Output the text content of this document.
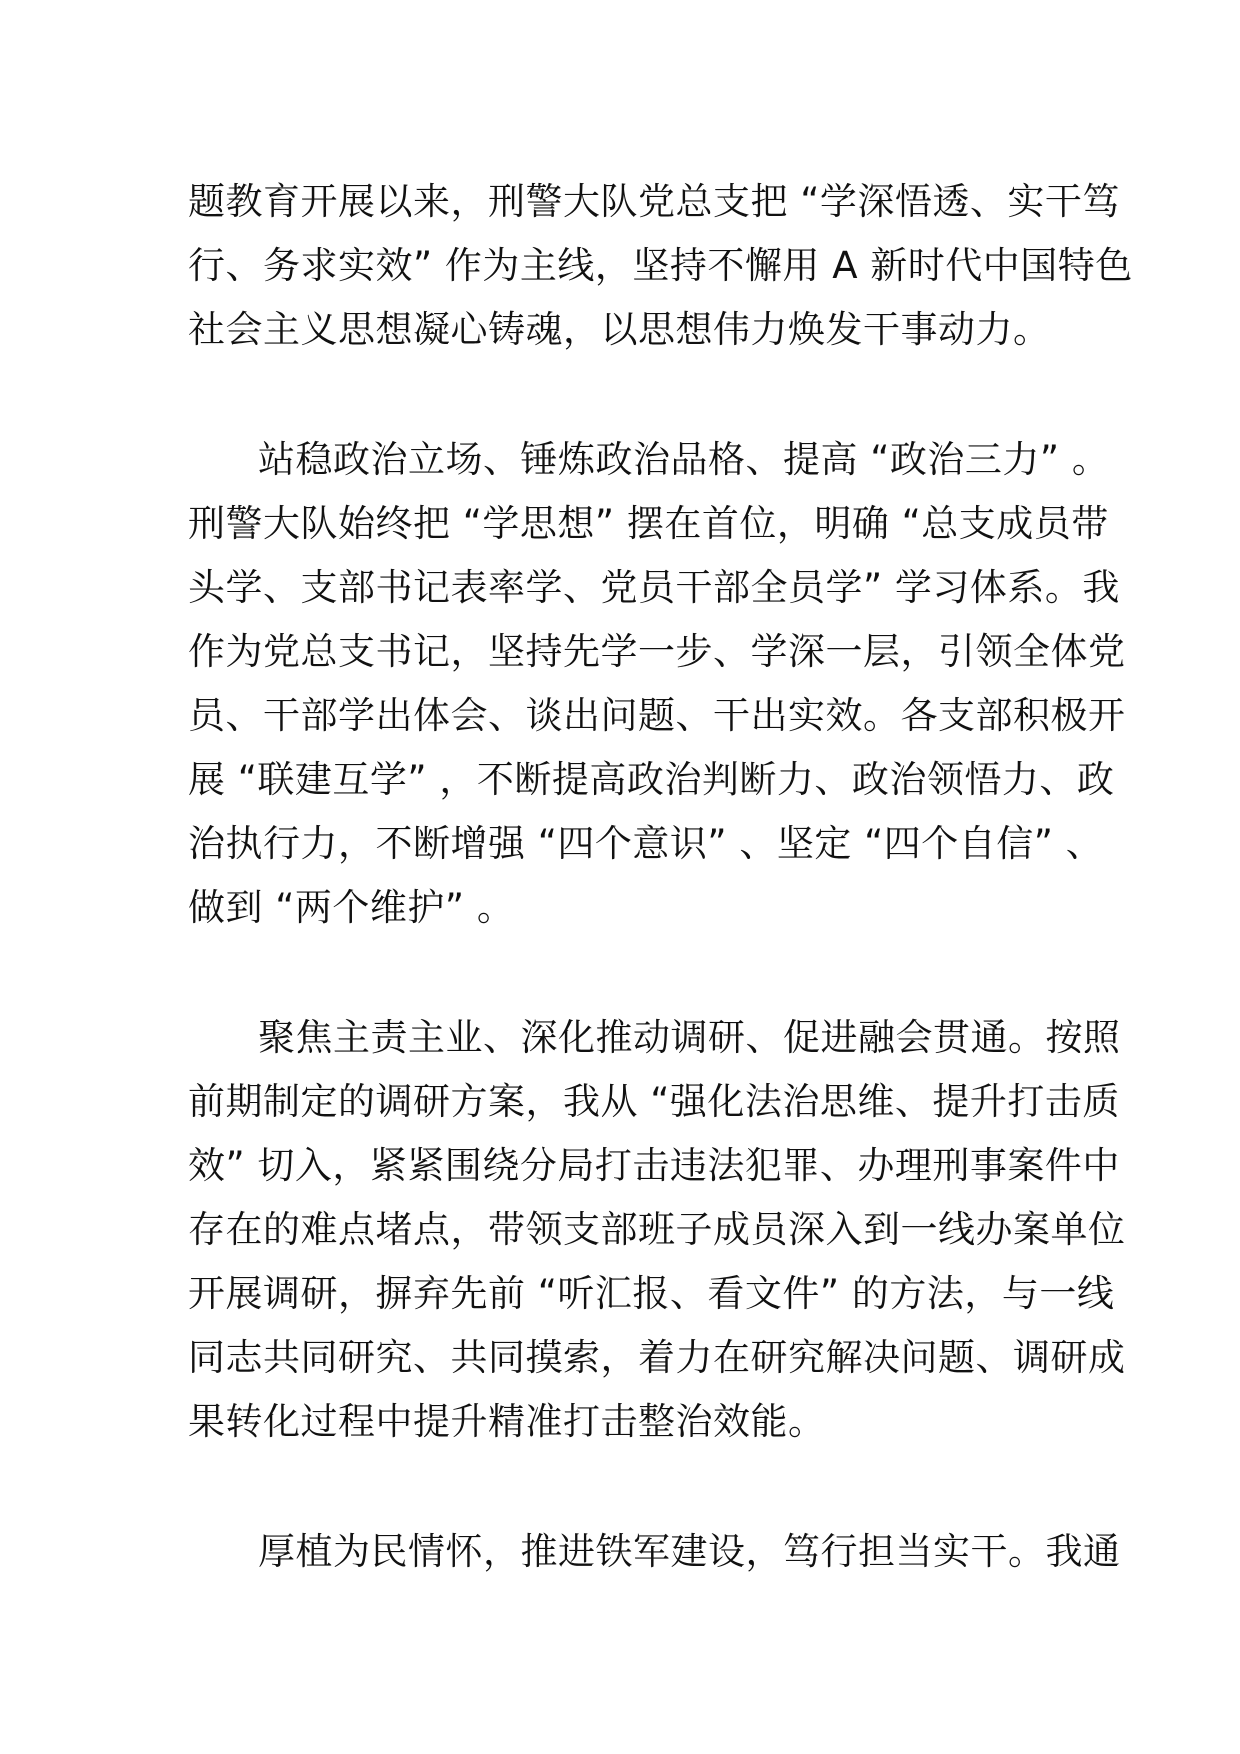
题教育开展以来，刑警大队党总支把 “学深悟透、实干笃
行、务求实效” 作为主线，坚持不懈用 A 新时代中国特色
社会主义思想凝心铸魂，以思想伟力焕发干事动力。
站稳政治立场、锤炼政治品格、提高 “政治三力” 。
刑警大队始终把 “学思想” 摆在首位，明确 “总支成员带
头学、支部书记表率学、党员干部全员学” 学习体系。我
作为党总支书记，坚持先学一步、学深一层，引领全体党
员、干部学出体会、谈出问题、干出实效。各支部积极开
展 “联建互学” ，不断提高政治判断力、政治领悟力、政
治执行力，不断增强 “四个意识” 、坚定 “四个自信” 、
做到 “两个维护” 。
聚焦主责主业、深化推动调研、促进融会贯通。按照
前期制定的调研方案，我从 “强化法治思维、提升打击质
效” 切入，紧紧围绕分局打击违法犯罪、办理刑事案件中
存在的难点堵点，带领支部班子成员深入到一线办案单位
开展调研，摒弃先前 “听汇报、看文件” 的方法，与一线
同志共同研究、共同摸索，着力在研究解决问题、调研成
果转化过程中提升精准打击整治效能。
厚植为民情怀，推进铁军建设，笃行担当实干。我通
